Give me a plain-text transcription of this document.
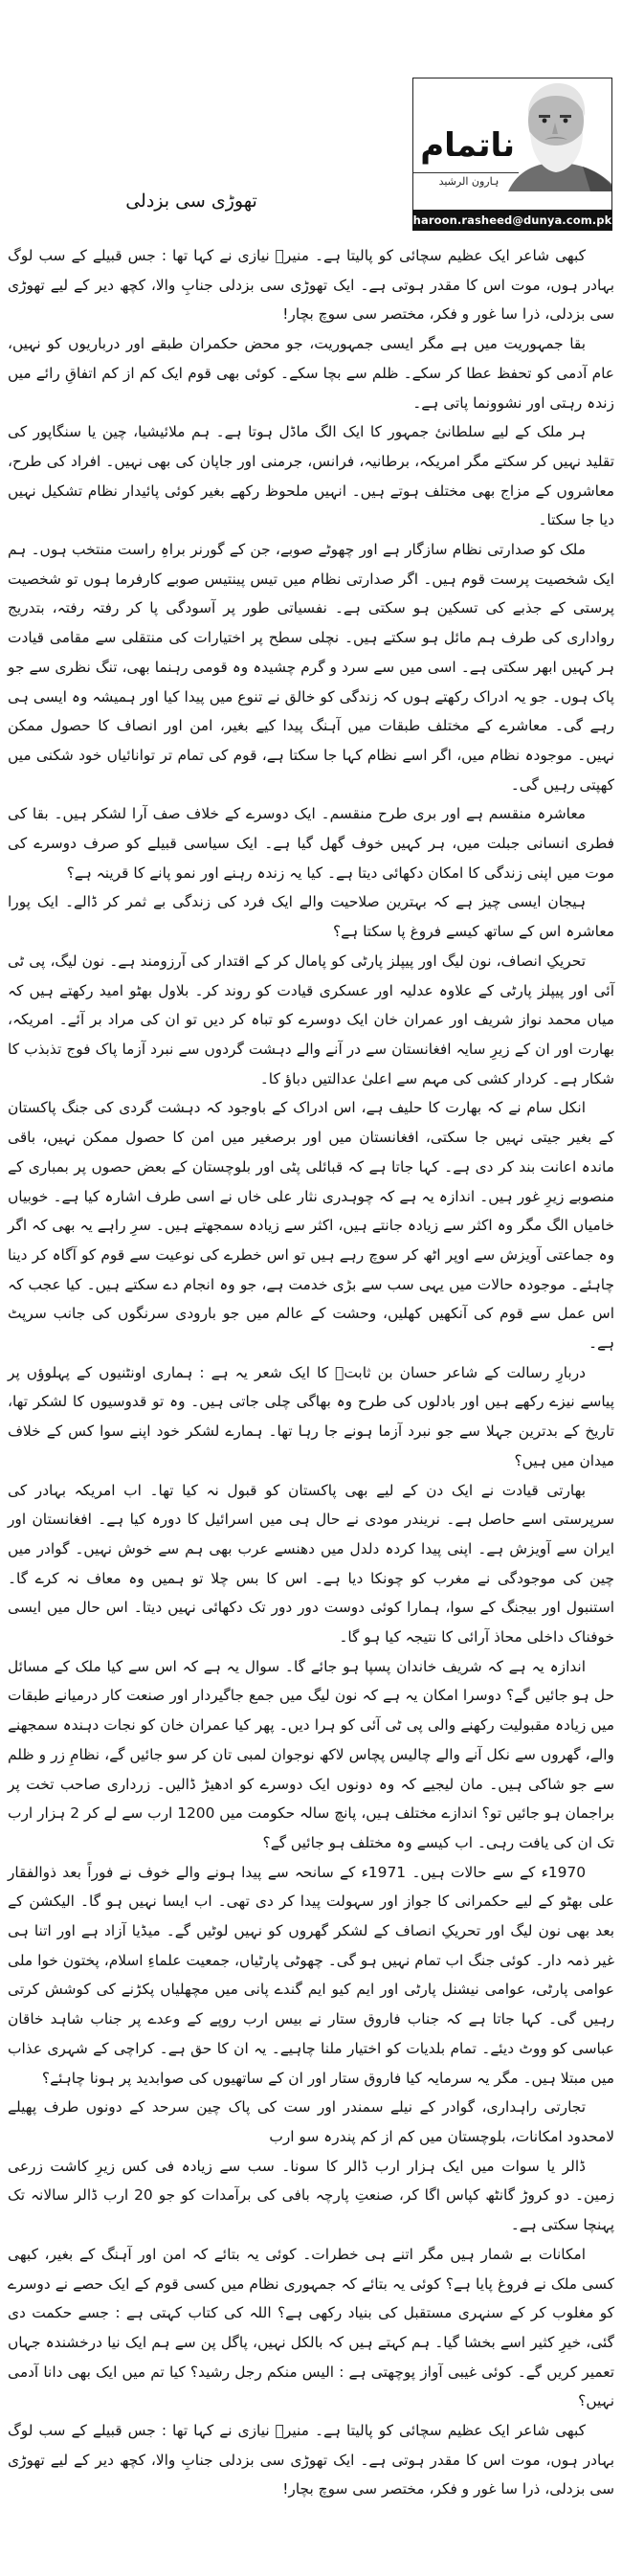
ناتمام
ہارون الرشید
haroon.rasheed@dunya.com.pk
تھوڑی سی بزدلی

کبھی شاعر ایک عظیم سچائی کو پالیتا ہے۔ منیرؔ نیازی نے کہا تھا : جس قبیلے کے سب لوگ بہادر ہوں، موت اس کا مقدر ہوتی ہے۔ ایک تھوڑی سی بزدلی جنابِ والا، کچھ دیر کے لیے تھوڑی سی بزدلی، ذرا سا غور و فکر، مختصر سی سوچ بچار!

بقا جمہوریت میں ہے مگر ایسی جمہوریت، جو محض حکمران طبقے اور درباریوں کو نہیں، عام آدمی کو تحفظ عطا کر سکے۔ ظلم سے بچا سکے۔ کوئی بھی قوم ایک کم از کم اتفاقِ رائے میں زندہ رہتی اور نشوونما پاتی ہے۔

ہر ملک کے لیے سلطانیٔ جمہور کا ایک الگ ماڈل ہوتا ہے۔ ہم ملائیشیا، چین یا سنگاپور کی تقلید نہیں کر سکتے مگر امریکہ، برطانیہ، فرانس، جرمنی اور جاپان کی بھی نہیں۔ افراد کی طرح، معاشروں کے مزاج بھی مختلف ہوتے ہیں۔ انہیں ملحوظ رکھے بغیر کوئی پائیدار نظام تشکیل نہیں دیا جا سکتا۔

ملک کو صدارتی نظام سازگار ہے اور چھوٹے صوبے، جن کے گورنر براہِ راست منتخب ہوں۔ ہم ایک شخصیت پرست قوم ہیں۔ اگر صدارتی نظام میں تیس پینتیس صوبے کارفرما ہوں تو شخصیت پرستی کے جذبے کی تسکین ہو سکتی ہے۔ نفسیاتی طور پر آسودگی پا کر رفتہ رفتہ، بتدریج رواداری کی طرف ہم مائل ہو سکتے ہیں۔ نچلی سطح پر اختیارات کی منتقلی سے مقامی قیادت ہر کہیں ابھر سکتی ہے۔ اسی میں سے سرد و گرم چشیدہ وہ قومی رہنما بھی، تنگ نظری سے جو پاک ہوں۔ جو یہ ادراک رکھتے ہوں کہ زندگی کو خالق نے تنوع میں پیدا کیا اور ہمیشہ وہ ایسی ہی رہے گی۔ معاشرے کے مختلف طبقات میں آہنگ پیدا کیے بغیر، امن اور انصاف کا حصول ممکن نہیں۔ موجودہ نظام میں، اگر اسے نظام کہا جا سکتا ہے، قوم کی تمام تر توانائیاں خود شکنی میں کھپتی رہیں گی۔

معاشرہ منقسم ہے اور بری طرح منقسم۔ ایک دوسرے کے خلاف صف آرا لشکر ہیں۔ بقا کی فطری انسانی جبلت میں، ہر کہیں خوف گھل گیا ہے۔ ایک سیاسی قبیلے کو صرف دوسرے کی موت میں اپنی زندگی کا امکان دکھائی دیتا ہے۔ کیا یہ زندہ رہنے اور نمو پانے کا قرینہ ہے؟

ہیجان ایسی چیز ہے کہ بہترین صلاحیت والے ایک فرد کی زندگی بے ثمر کر ڈالے۔ ایک پورا معاشرہ اس کے ساتھ کیسے فروغ پا سکتا ہے؟

تحریکِ انصاف، نون لیگ اور پیپلز پارٹی کو پامال کر کے اقتدار کی آرزومند ہے۔ نون لیگ، پی ٹی آئی اور پیپلز پارٹی کے علاوہ عدلیہ اور عسکری قیادت کو روند کر۔ بلاول بھٹو امید رکھتے ہیں کہ میاں محمد نواز شریف اور عمران خان ایک دوسرے کو تباہ کر دیں تو ان کی مراد بر آئے۔ امریکہ، بھارت اور ان کے زیرِ سایہ افغانستان سے در آنے والے دہشت گردوں سے نبرد آزما پاک فوج تذبذب کا شکار ہے۔ کردار کشی کی مہم سے اعلیٰ عدالتیں دباؤ کا۔

انکل سام نے کہ بھارت کا حلیف ہے، اس ادراک کے باوجود کہ دہشت گردی کی جنگ پاکستان کے بغیر جیتی نہیں جا سکتی، افغانستان میں اور برصغیر میں امن کا حصول ممکن نہیں، باقی ماندہ اعانت بند کر دی ہے۔ کہا جاتا ہے کہ قبائلی پٹی اور بلوچستان کے بعض حصوں پر بمباری کے منصوبے زیرِ غور ہیں۔ اندازہ یہ ہے کہ چوہدری نثار علی خاں نے اسی طرف اشارہ کیا ہے۔ خوبیاں خامیاں الگ مگر وہ اکثر سے زیادہ جانتے ہیں، اکثر سے زیادہ سمجھتے ہیں۔ سرِ راہے یہ بھی کہ اگر وہ جماعتی آویزش سے اوپر اٹھ کر سوچ رہے ہیں تو اس خطرے کی نوعیت سے قوم کو آگاہ کر دینا چاہئے۔ موجودہ حالات میں یہی سب سے بڑی خدمت ہے، جو وہ انجام دے سکتے ہیں۔ کیا عجب کہ اس عمل سے قوم کی آنکھیں کھلیں، وحشت کے عالم میں جو بارودی سرنگوں کی جانب سرپٹ ہے۔

دربارِ رسالت کے شاعر حسان بن ثابتؓ کا ایک شعر یہ ہے : ہماری اونٹنیوں کے پہلوؤں پر پیاسے نیزے رکھے ہیں اور بادلوں کی طرح وہ بھاگی چلی جاتی ہیں۔ وہ تو قدوسیوں کا لشکر تھا، تاریخ کے بدترین جہلا سے جو نبرد آزما ہونے جا رہا تھا۔ ہمارے لشکر خود اپنے سوا کس کے خلاف میدان میں ہیں؟

بھارتی قیادت نے ایک دن کے لیے بھی پاکستان کو قبول نہ کیا تھا۔ اب امریکہ بہادر کی سرپرستی اسے حاصل ہے۔ نریندر مودی نے حال ہی میں اسرائیل کا دورہ کیا ہے۔ افغانستان اور ایران سے آویزش ہے۔ اپنی پیدا کردہ دلدل میں دھنسے عرب بھی ہم سے خوش نہیں۔ گوادر میں چین کی موجودگی نے مغرب کو چونکا دیا ہے۔ اس کا بس چلا تو ہمیں وہ معاف نہ کرے گا۔ استنبول اور بیجنگ کے سوا، ہمارا کوئی دوست دور دور تک دکھائی نہیں دیتا۔ اس حال میں ایسی خوفناک داخلی محاذ آرائی کا نتیجہ کیا ہو گا۔

اندازہ یہ ہے کہ شریف خاندان پسپا ہو جائے گا۔ سوال یہ ہے کہ اس سے کیا ملک کے مسائل حل ہو جائیں گے؟ دوسرا امکان یہ ہے کہ نون لیگ میں جمع جاگیردار اور صنعت کار درمیانے طبقات میں زیادہ مقبولیت رکھنے والی پی ٹی آئی کو ہرا دیں۔ پھر کیا عمران خان کو نجات دہندہ سمجھنے والے، گھروں سے نکل آنے والے چالیس پچاس لاکھ نوجوان لمبی تان کر سو جائیں گے، نظامِ زر و ظلم سے جو شاکی ہیں۔ مان لیجیے کہ وہ دونوں ایک دوسرے کو ادھیڑ ڈالیں۔ زرداری صاحب تخت پر براجمان ہو جائیں تو؟ اندازے مختلف ہیں، پانچ سالہ حکومت میں 1200 ارب سے لے کر 2 ہزار ارب تک ان کی یافت رہی۔ اب کیسے وہ مختلف ہو جائیں گے؟

1970ء کے سے حالات ہیں۔ 1971ء کے سانحہ سے پیدا ہونے والے خوف نے فوراً بعد ذوالفقار علی بھٹو کے لیے حکمرانی کا جواز اور سہولت پیدا کر دی تھی۔ اب ایسا نہیں ہو گا۔ الیکشن کے بعد بھی نون لیگ اور تحریکِ انصاف کے لشکر گھروں کو نہیں لوٹیں گے۔ میڈیا آزاد ہے اور اتنا ہی غیر ذمہ دار۔ کوئی جنگ اب تمام نہیں ہو گی۔ چھوٹی پارٹیاں، جمعیت علماءِ اسلام، پختون خوا ملی عوامی پارٹی، عوامی نیشنل پارٹی اور ایم کیو ایم گندے پانی میں مچھلیاں پکڑنے کی کوشش کرتی رہیں گی۔ کہا جاتا ہے کہ جناب فاروق ستار نے بیس ارب روپے کے وعدے پر جناب شاہد خاقان عباسی کو ووٹ دیئے۔ تمام بلدیات کو اختیار ملنا چاہیے۔ یہ ان کا حق ہے۔ کراچی کے شہری عذاب میں مبتلا ہیں۔ مگر یہ سرمایہ کیا فاروق ستار اور ان کے ساتھیوں کی صوابدید پر ہونا چاہئے؟

تجارتی راہداری، گوادر کے نیلے سمندر اور ست کی پاک چین سرحد کے دونوں طرف پھیلے لامحدود امکانات، بلوچستان میں کم از کم پندرہ سو ارب

ڈالر یا سوات میں ایک ہزار ارب ڈالر کا سونا۔ سب سے زیادہ فی کس زیرِ کاشت زرعی زمین۔ دو کروڑ گانٹھ کپاس اگا کر، صنعتِ پارچہ بافی کی برآمدات کو جو 20 ارب ڈالر سالانہ تک پہنچا سکتی ہے۔

امکانات بے شمار ہیں مگر اتنے ہی خطرات۔ کوئی یہ بتائے کہ امن اور آہنگ کے بغیر، کبھی کسی ملک نے فروغ پایا ہے؟ کوئی یہ بتائے کہ جمہوری نظام میں کسی قوم کے ایک حصے نے دوسرے کو مغلوب کر کے سنہری مستقبل کی بنیاد رکھی ہے؟ اللہ کی کتاب کہتی ہے : جسے حکمت دی گئی، خیرِ کثیر اسے بخشا گیا۔ ہم کہتے ہیں کہ بالکل نہیں، پاگل پن سے ہم ایک نیا درخشندہ جہاں تعمیر کریں گے۔ کوئی غیبی آواز پوچھتی ہے : الیس منکم رجل رشید؟ کیا تم میں ایک بھی دانا آدمی نہیں؟

کبھی شاعر ایک عظیم سچائی کو پالیتا ہے۔ منیرؔ نیازی نے کہا تھا : جس قبیلے کے سب لوگ بہادر ہوں، موت اس کا مقدر ہوتی ہے۔ ایک تھوڑی سی بزدلی جنابِ والا، کچھ دیر کے لیے تھوڑی سی بزدلی، ذرا سا غور و فکر، مختصر سی سوچ بچار!
